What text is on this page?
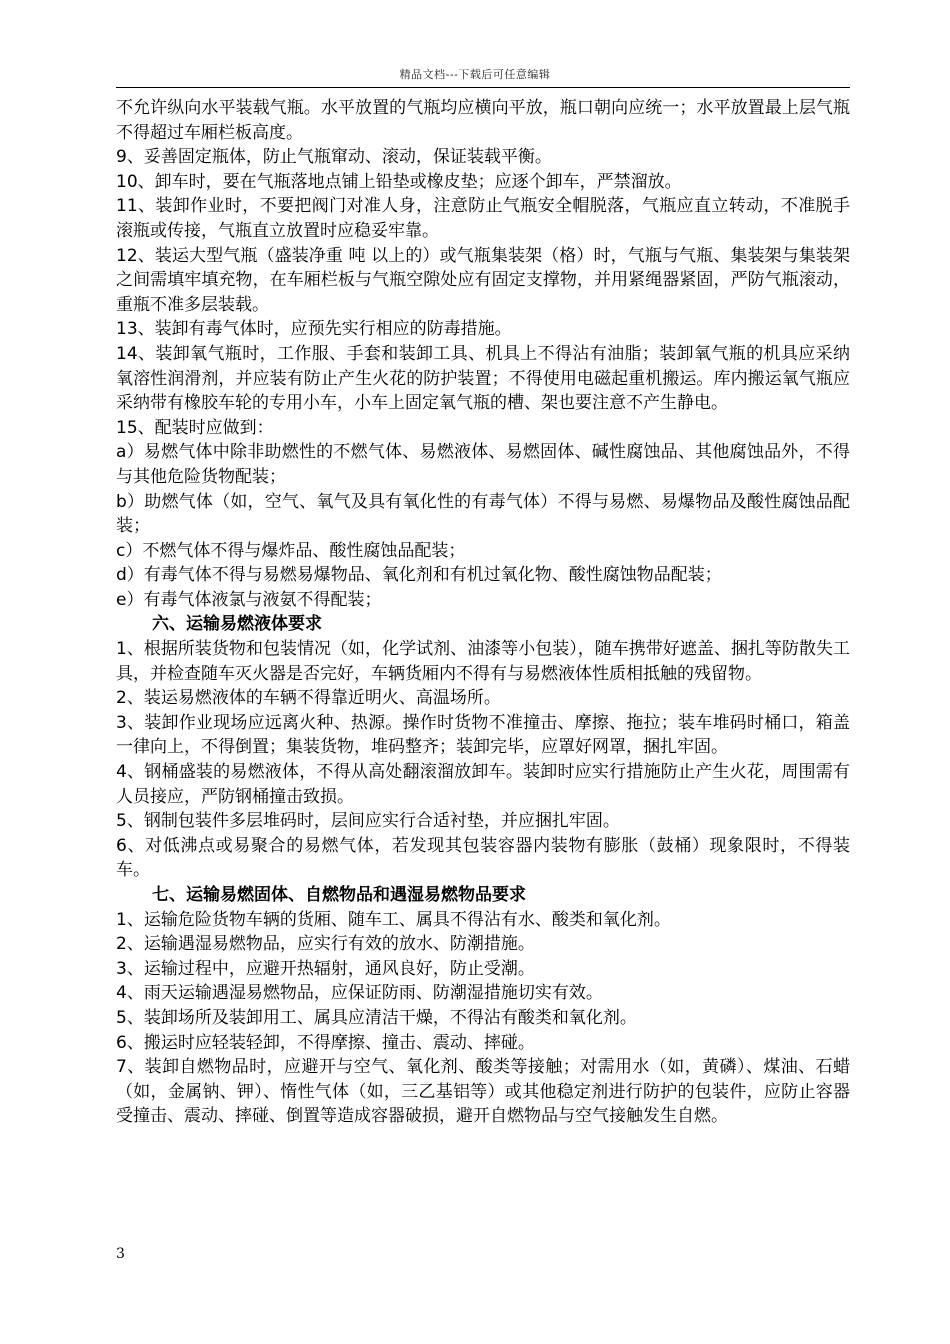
精品文档---下载后可任意编辑

不允许纵向水平装载气瓶。水平放置的气瓶均应横向平放，瓶口朝向应统一；水平放置最上层气瓶不得超过车厢栏板高度。

9、妥善固定瓶体，防止气瓶窜动、滚动，保证装载平衡。

10、卸车时，要在气瓶落地点铺上铅垫或橡皮垫；应逐个卸车，严禁溜放。

11、装卸作业时，不要把阀门对准人身，注意防止气瓶安全帽脱落，气瓶应直立转动，不准脱手滚瓶或传接，气瓶直立放置时应稳妥牢靠。

12、装运大型气瓶（盛装净重 吨 以上的）或气瓶集装架（格）时，气瓶与气瓶、集装架与集装架之间需填牢填充物，在车厢栏板与气瓶空隙处应有固定支撑物，并用紧绳器紧固，严防气瓶滚动，重瓶不准多层装载。

13、装卸有毒气体时，应预先实行相应的防毒措施。

14、装卸氧气瓶时，工作服、手套和装卸工具、机具上不得沾有油脂；装卸氧气瓶的机具应采纳氧溶性润滑剂，并应装有防止产生火花的防护装置；不得使用电磁起重机搬运。库内搬运氧气瓶应采纳带有橡胶车轮的专用小车，小车上固定氧气瓶的槽、架也要注意不产生静电。

15、配装时应做到：

a）易燃气体中除非助燃性的不燃气体、易燃液体、易燃固体、碱性腐蚀品、其他腐蚀品外，不得与其他危险货物配装；

b）助燃气体（如，空气、氧气及具有氧化性的有毒气体）不得与易燃、易爆物品及酸性腐蚀品配装；

c）不燃气体不得与爆炸品、酸性腐蚀品配装；

d）有毒气体不得与易燃易爆物品、氧化剂和有机过氧化物、酸性腐蚀物品配装；

e）有毒气体液氯与液氨不得配装；

六、运输易燃液体要求

1、根据所装货物和包装情况（如，化学试剂、油漆等小包装），随车携带好遮盖、捆扎等防散失工具，并检查随车灭火器是否完好，车辆货厢内不得有与易燃液体性质相抵触的残留物。

2、装运易燃液体的车辆不得靠近明火、高温场所。

3、装卸作业现场应远离火种、热源。操作时货物不准撞击、摩擦、拖拉；装车堆码时桶口，箱盖一律向上，不得倒置；集装货物，堆码整齐；装卸完毕，应罩好网罩，捆扎牢固。

4、钢桶盛装的易燃液体，不得从高处翻滚溜放卸车。装卸时应实行措施防止产生火花，周围需有人员接应，严防钢桶撞击致损。

5、钢制包装件多层堆码时，层间应实行合适衬垫，并应捆扎牢固。

6、对低沸点或易聚合的易燃气体，若发现其包装容器内装物有膨胀（鼓桶）现象限时，不得装车。

七、运输易燃固体、自燃物品和遇湿易燃物品要求

1、运输危险货物车辆的货厢、随车工、属具不得沾有水、酸类和氧化剂。

2、运输遇湿易燃物品，应实行有效的放水、防潮措施。

3、运输过程中，应避开热辐射，通风良好，防止受潮。

4、雨天运输遇湿易燃物品，应保证防雨、防潮湿措施切实有效。

5、装卸场所及装卸用工、属具应清洁干燥，不得沾有酸类和氧化剂。

6、搬运时应轻装轻卸，不得摩擦、撞击、震动、摔碰。

7、装卸自燃物品时，应避开与空气、氧化剂、酸类等接触；对需用水（如，黄磷）、煤油、石蜡（如，金属钠、钾）、惰性气体（如，三乙基铝等）或其他稳定剂进行防护的包装件，应防止容器受撞击、震动、摔碰、倒置等造成容器破损，避开自燃物品与空气接触发生自燃。

3
